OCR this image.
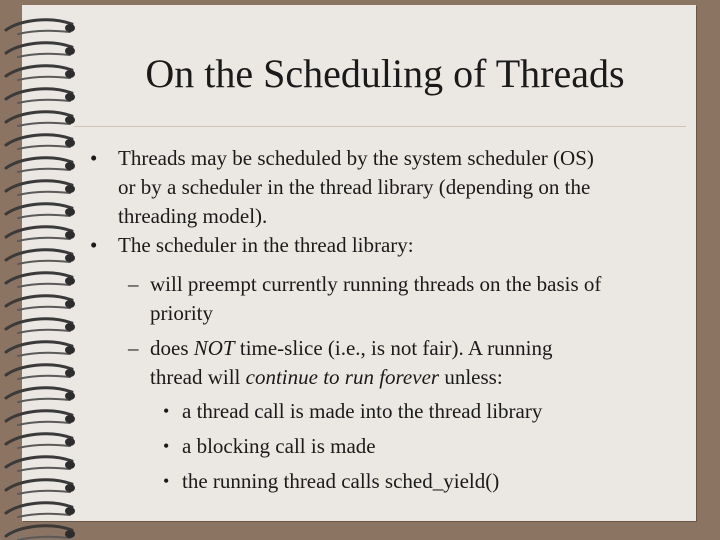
On the Scheduling of Threads
• Threads may be scheduled by the system scheduler (OS)
or by a scheduler in the thread library (depending on the
threading model).
• The scheduler in the thread library:
– will preempt currently running threads on the basis of
priority
– does NOT time-slice (i.e., is not fair). A running
thread will continue to run forever unless:
• a thread call is made into the thread library
• a blocking call is made
• the running thread calls sched_yield()
